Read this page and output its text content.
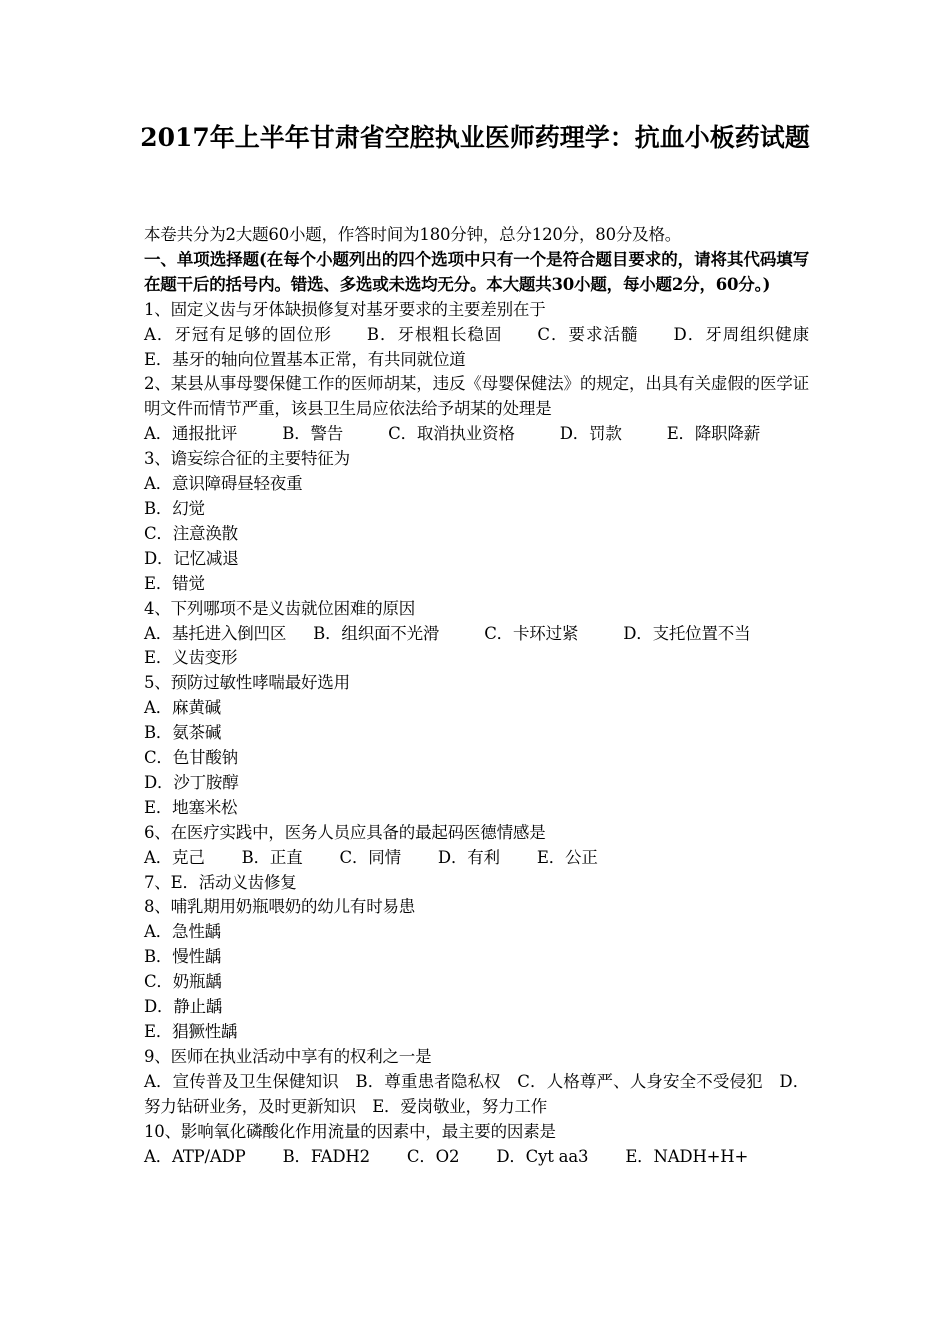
2017年上半年甘肃省空腔执业医师药理学：抗血小板药试题
本卷共分为2大题60小题，作答时间为180分钟，总分120分，80分及格。
一、单项选择题(在每个小题列出的四个选项中只有一个是符合题目要求的，请将其代码填写在题干后的括号内。错选、多选或未选均无分。本大题共30小题，每小题2分，60分。)
1、固定义齿与牙体缺损修复对基牙要求的主要差别在于
A．牙冠有足够的固位形　　B．牙根粗长稳固　　C．要求活髓　　D．牙周组织健康　　E．基牙的轴向位置基本正常，有共同就位道
2、某县从事母婴保健工作的医师胡某，违反《母婴保健法》的规定，出具有关虚假的医学证明文件而情节严重，该县卫生局应依法给予胡某的处理是
A．通报批评	B．警告	C．取消执业资格	D．罚款	E．降职降薪
3、谵妄综合征的主要特征为
A．意识障碍昼轻夜重
B．幻觉
C．注意涣散
D．记忆减退
E．错觉
4、下列哪项不是义齿就位困难的原因
A．基托进入倒凹区 B．组织面不光滑	C．卡环过紧	D．支托位置不当
E．义齿变形
5、预防过敏性哮喘最好选用
A．麻黄碱
B．氨茶碱
C．色甘酸钠
D．沙丁胺醇
E．地塞米松
6、在医疗实践中，医务人员应具备的最起码医德情感是
A．克己 B．正直 C．同情 D．有利 E．公正
7、E．活动义齿修复
8、哺乳期用奶瓶喂奶的幼儿有时易患
A．急性龋
B．慢性龋
C．奶瓶龋
D．静止龋
E．猖獗性龋
9、医师在执业活动中享有的权利之一是
A．宣传普及卫生保健知识　B．尊重患者隐私权　C．人格尊严、人身安全不受侵犯　D．努力钻研业务，及时更新知识　E．爱岗敬业，努力工作
10、影响氧化磷酸化作用流量的因素中，最主要的因素是
A．ATP/ADP B．FADH2 C．O2 D．Cyt aa3 E．NADH+H+
